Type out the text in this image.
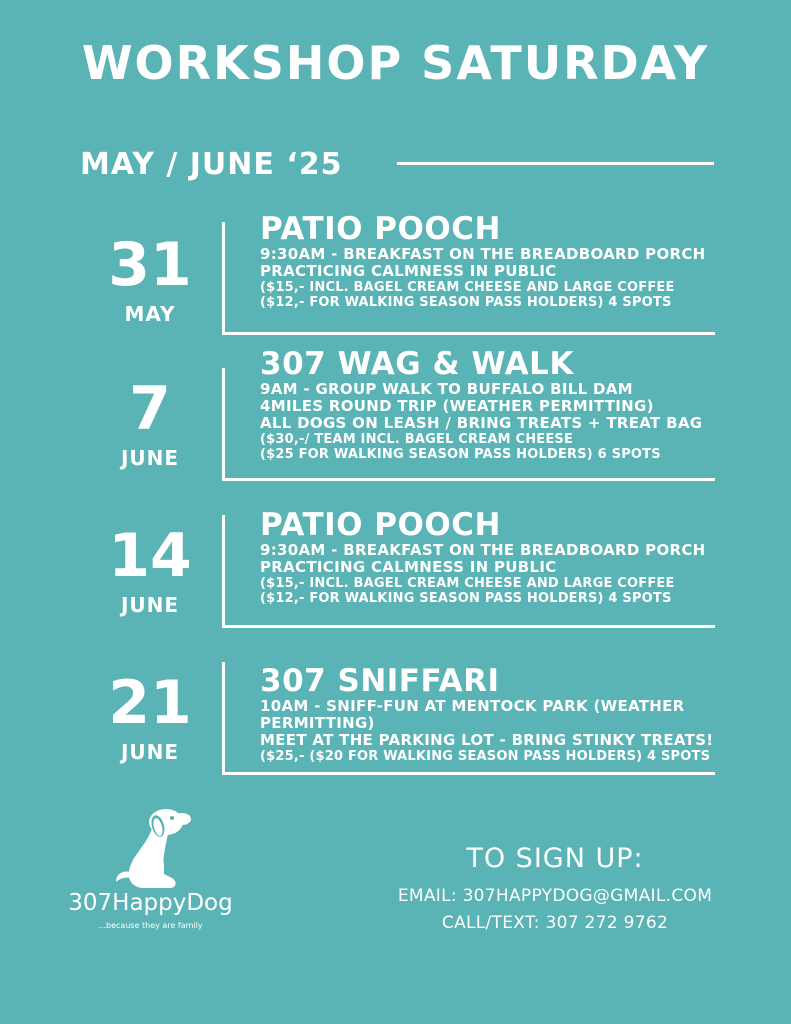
WORKSHOP SATURDAY
MAY / JUNE ‘25
31
MAY
PATIO POOCH
9:30AM - BREAKFAST ON THE BREADBOARD PORCH
PRACTICING CALMNESS IN PUBLIC
($15,- INCL. BAGEL CREAM CHEESE AND LARGE COFFEE
($12,- FOR WALKING SEASON PASS HOLDERS) 4 SPOTS
7
JUNE
307 WAG & WALK
9AM - GROUP WALK TO BUFFALO BILL DAM
4MILES ROUND TRIP (WEATHER PERMITTING)
ALL DOGS ON LEASH / BRING TREATS + TREAT BAG
($30,-/ TEAM INCL. BAGEL CREAM CHEESE
($25 FOR WALKING SEASON PASS HOLDERS) 6 SPOTS
14
JUNE
PATIO POOCH
9:30AM - BREAKFAST ON THE BREADBOARD PORCH
PRACTICING CALMNESS IN PUBLIC
($15,- INCL. BAGEL CREAM CHEESE AND LARGE COFFEE
($12,- FOR WALKING SEASON PASS HOLDERS) 4 SPOTS
21
JUNE
307 SNIFFARI
10AM - SNIFF-FUN AT MENTOCK PARK (WEATHER
PERMITTING)
MEET AT THE PARKING LOT - BRING STINKY TREATS!
($25,- ($20 FOR WALKING SEASON PASS HOLDERS) 4 SPOTS
307HappyDog
...because they are family
TO SIGN UP:
EMAIL: 307HAPPYDOG@GMAIL.COM
CALL/TEXT: 307 272 9762
